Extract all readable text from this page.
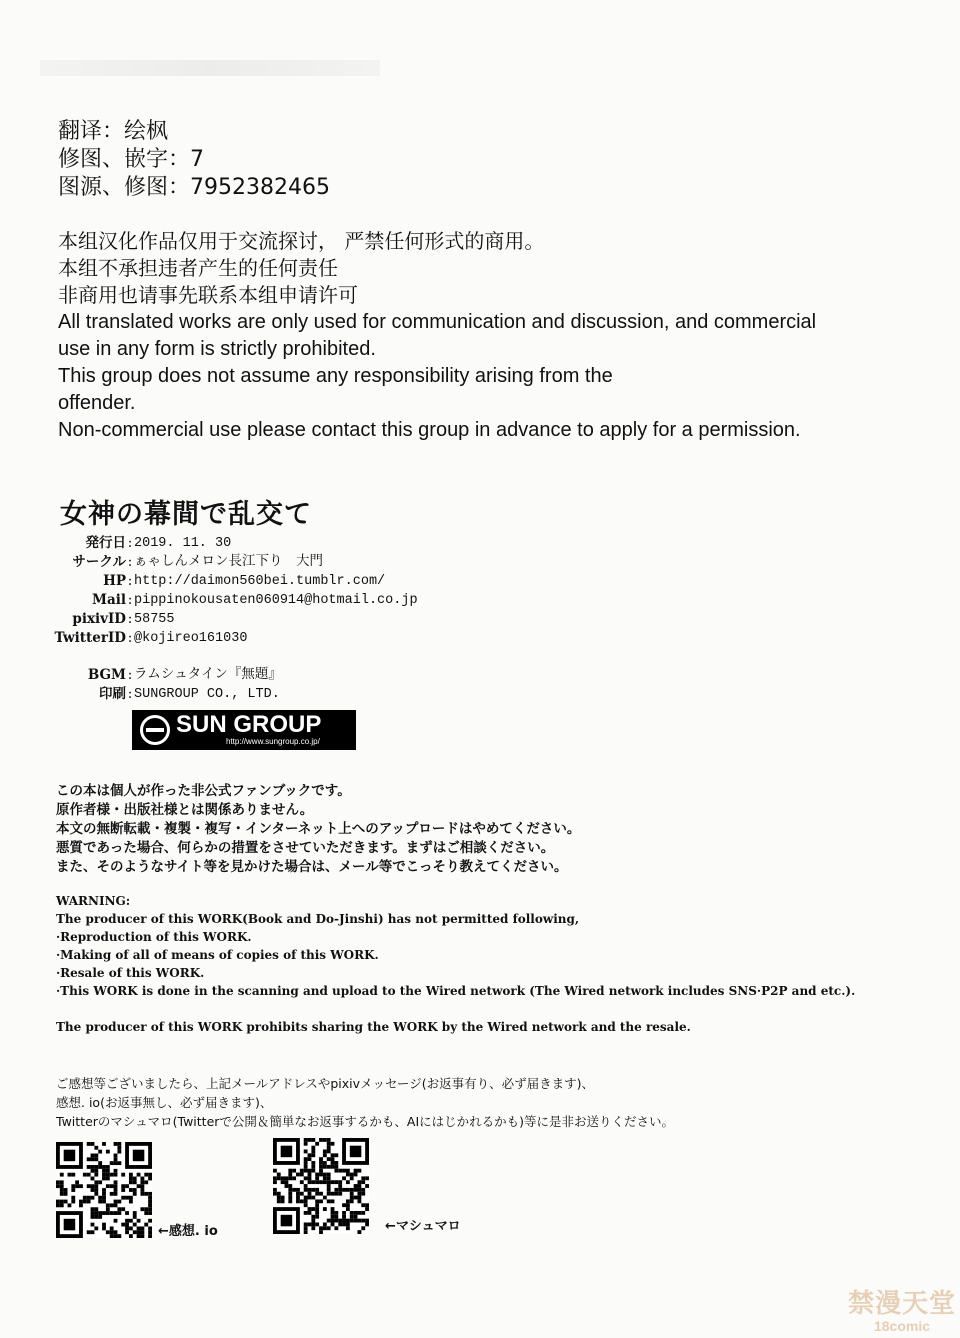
翻译：绘枫
修图、嵌字：7
图源、修图：7952382465
本组汉化作品仅用于交流探讨， 严禁任何形式的商用。
本组不承担违者产生的任何责任
非商用也请事先联系本组申请许可
All translated works are only used for communication and discussion, and commercial
use in any form is strictly prohibited.
This group does not assume any responsibility arising from the
offender.
Non-commercial use please contact this group in advance to apply for a permission.
女神の幕間で乱交て
発行日 : 2019. 11. 30
サークル : ぁゃしんメロン長江下り　大門
HP : http://daimon560bei.tumblr.com/
Mail : pippinokousaten060914@hotmail.co.jp
pixivID : 58755
TwitterID : @kojireo161030
BGM : ラムシュタイン『無題』
印刷 : SUNGROUP CO., LTD.
SUN GROUP
http://www.sungroup.co.jp/
この本は個人が作った非公式ファンブックです。
原作者様・出版社様とは関係ありません。
本文の無断転載・複製・複写・インターネット上へのアップロードはやめてください。
悪質であった場合、何らかの措置をさせていただきます。まずはご相談ください。
また、そのようなサイト等を見かけた場合は、メール等でこっそり教えてください。
WARNING:
The producer of this WORK(Book and Do-Jinshi) has not permitted following,
·Reproduction of this WORK.
·Making of all of means of copies of this WORK.
·Resale of this WORK.
·This WORK is done in the scanning and upload to the Wired network (The Wired network includes SNS·P2P and etc.).

The producer of this WORK prohibits sharing the WORK by the Wired network and the resale.
ご感想等ございましたら、上記メールアドレスやpixivメッセージ(お返事有り、必ず届きます)、
感想. io(お返事無し、必ず届きます)、
Twitterのマシュマロ(Twitterで公開＆簡単なお返事するかも、AIにはじかれるかも)等に是非お送りください。
←感想. io	←マシュマロ
禁漫天堂
18comic
